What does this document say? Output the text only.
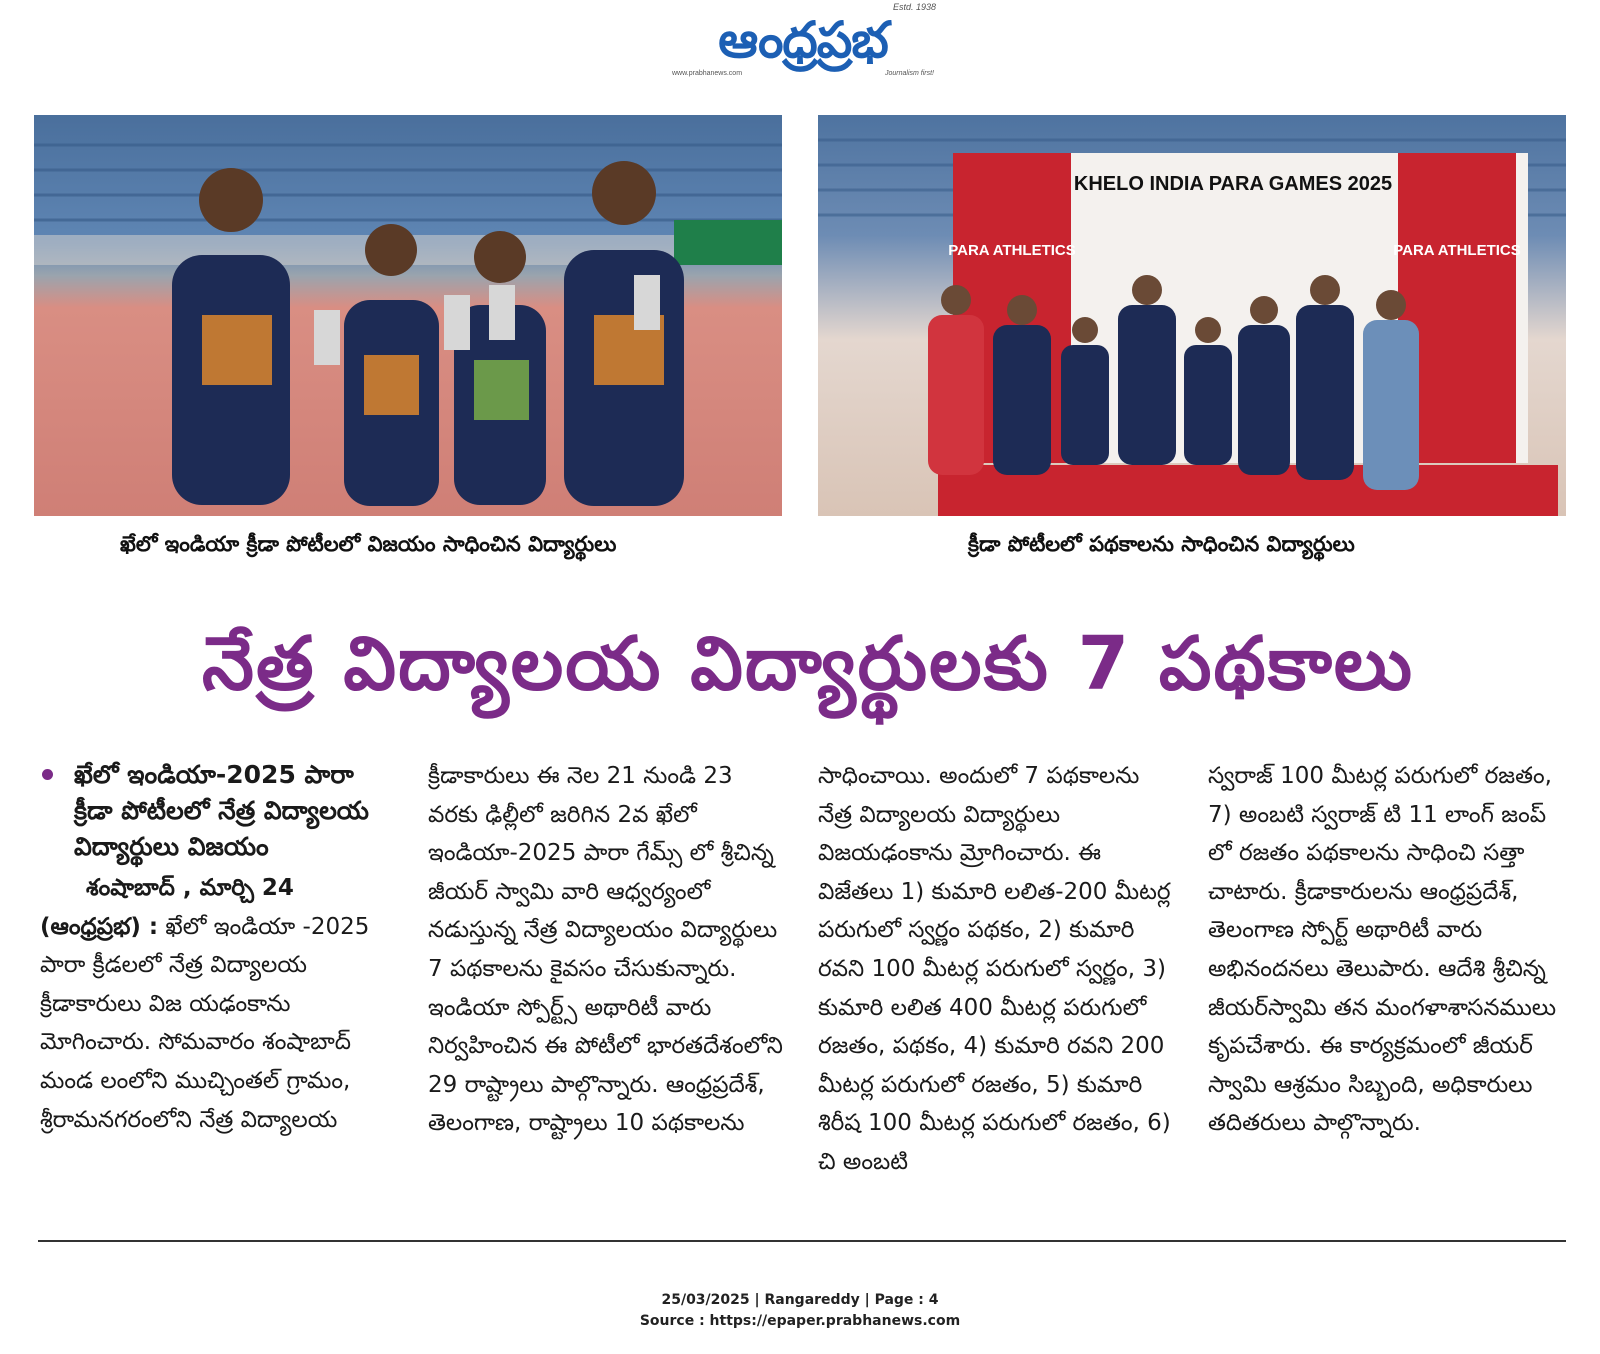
ఆంధ్రప్రభ
Estd. 1938
www.prabhanews.com	Journalism first!
ఖేలో ఇండియా క్రీడా పోటీలలో విజయం సాధించిన విద్యార్థులు
KHELO INDIA PARA GAMES 2025
PARA ATHLETICS	PARA ATHLETICS
క్రీడా పోటీలలో పథకాలను సాధించిన విద్యార్థులు
నేత్ర విద్యాలయ విద్యార్థులకు 7 పథకాలు
ఖేలో ఇండియా-2025 పారా క్రీడా పోటీలలో నేత్ర విద్యాలయ విద్యార్థులు విజయం

శంషాబాద్ , మార్చి 24

(ఆంధ్రప్రభ) : ఖేలో ఇండియా -2025 పారా క్రీడలలో నేత్ర విద్యాలయ క్రీడాకారులు విజ యఢంకాను మోగించారు. సోమవారం శంషాబాద్ మండ లంలోని ముచ్చింతల్ గ్రామం, శ్రీరామనగరంలోని నేత్ర విద్యాలయ

క్రీడాకారులు ఈ నెల 21 నుండి 23 వరకు ఢిల్లీలో జరిగిన 2వ ఖేలో ఇండియా-2025 పారా గేమ్స్ లో శ్రీచిన్న జీయర్ స్వామి వారి ఆధ్వర్యంలో నడుస్తున్న నేత్ర విద్యాలయం విద్యార్థులు 7 పథకాలను కైవసం చేసుకున్నారు. ఇండియా స్పోర్ట్స్ అథారిటీ వారు నిర్వహించిన ఈ పోటీలో భారతదేశంలోని 29 రాష్ట్రాలు పాల్గొన్నారు. ఆంధ్రప్రదేశ్, తెలంగాణ, రాష్ట్రాలు 10 పథకాలను

సాధించాయి. అందులో 7 పథకాలను నేత్ర విద్యాలయ విద్యార్థులు విజయఢంకాను మ్రోగించారు. ఈ విజేతలు 1) కుమారి లలిత-200 మీటర్ల పరుగులో స్వర్ణం పథకం, 2) కుమారి రవని 100 మీటర్ల పరుగులో స్వర్ణం, 3) కుమారి లలిత 400 మీటర్ల పరుగులో రజతం, పథకం, 4) కుమారి రవని 200 మీటర్ల పరుగులో రజతం, 5) కుమారి శిరీష 100 మీటర్ల పరుగులో రజతం, 6) చి అంబటి

స్వరాజ్ 100 మీటర్ల పరుగులో రజతం, 7) అంబటి స్వరాజ్ టి 11 లాంగ్ జంప్ లో రజతం పథకాలను సాధించి సత్తా చాటారు. క్రీడాకారులను ఆంధ్రప్రదేశ్, తెలంగాణ స్పోర్ట్ అథారిటీ వారు అభినందనలు తెలుపారు. ఆదేశి శ్రీచిన్న జీయర్‌స్వామి తన మంగళాశాసనములు కృపచేశారు. ఈ కార్యక్రమంలో జీయర్ స్వామి ఆశ్రమం సిబ్బంది, అధికారులు తదితరులు పాల్గొన్నారు.

25/03/2025 | Rangareddy | Page : 4
Source : https://epaper.prabhanews.com
